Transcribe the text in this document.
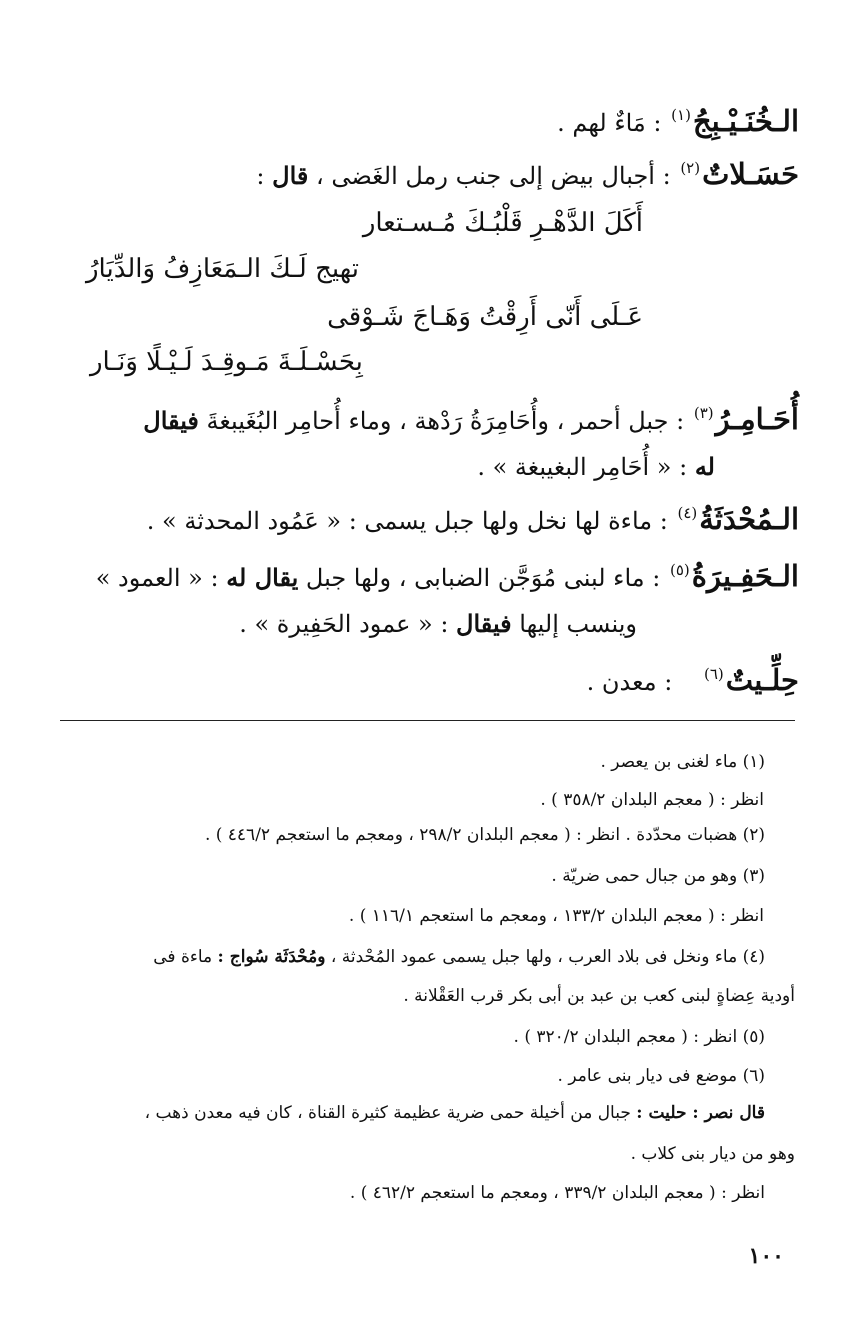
الـخُنَـيْـبِجُ$^{(١)}$ : مَاءٌ لهم .
حَسَـلاتٌ$^{(٢)}$ : أجبال بيض إلى جنب رمل الغَضى ، قال :
أَكَلَ الدَّهْـرِ قَلْبُـكَ مُـسـتعار
تهيج لَـكَ الـمَعَازِفُ وَالدِّيَارُ
عَـلَى أَنّى أَرِقْتُ وَهَـاجَ شَـوْقى
بِحَسْـلَـةَ مَـوقِـدَ لَـيْـلًا وَنَـار
أُحَـامِـرُ$^{(٣)}$ : جبل أحمر ، وأُحَامِرَةُ رَدْهة ، وماء أُحامِر البُغَيبغةَ فيقال
له : « أُحَامِر البغيبغة » .
الـمُحْدَثَةُ$^{(٤)}$ : ماءة لها نخل ولها جبل يسمى : « عَمُود المحدثة » .
الـحَفِـيرَةُ$^{(٥)}$ : ماء لبنى مُوَجَّن الضبابى ، ولها جبل يقال له : « العمود »
وينسب إليها فيقال : « عمود الحَفِيرة » .
حِلِّـيتٌ$^{(٦)}$ : معدن .
(١) ماء لغنى بن يعصر .
انظر : ( معجم البلدان ٣٥٨/٢ ) .
(٢) هضبات محدّدة . انظر : ( معجم البلدان ٢٩٨/٢ ، ومعجم ما استعجم ٤٤٦/٢ ) .
(٣) وهو من جبال حمى ضريّة .
انظر : ( معجم البلدان ١٣٣/٢ ، ومعجم ما استعجم ١١٦/١ ) .
(٤) ماء ونخل فى بلاد العرب ، ولها جبل يسمى عمود المُحْدثة ، ومُحْدَثَة سُواج : ماءة فى
أودية عِضاةٍ لبنى كعب بن عبد بن أبى بكر قرب العَقْلانة .
(٥) انظر : ( معجم البلدان ٣٢٠/٢ ) .
(٦) موضع فى ديار بنى عامر .
قال نصر : حليت : جبال من أخيلة حمى ضرية عظيمة كثيرة القناة ، كان فيه معدن ذهب ،
وهو من ديار بنى كلاب .
انظر : ( معجم البلدان ٣٣٩/٢ ، ومعجم ما استعجم ٤٦٢/٢ ) .
١٠٠
